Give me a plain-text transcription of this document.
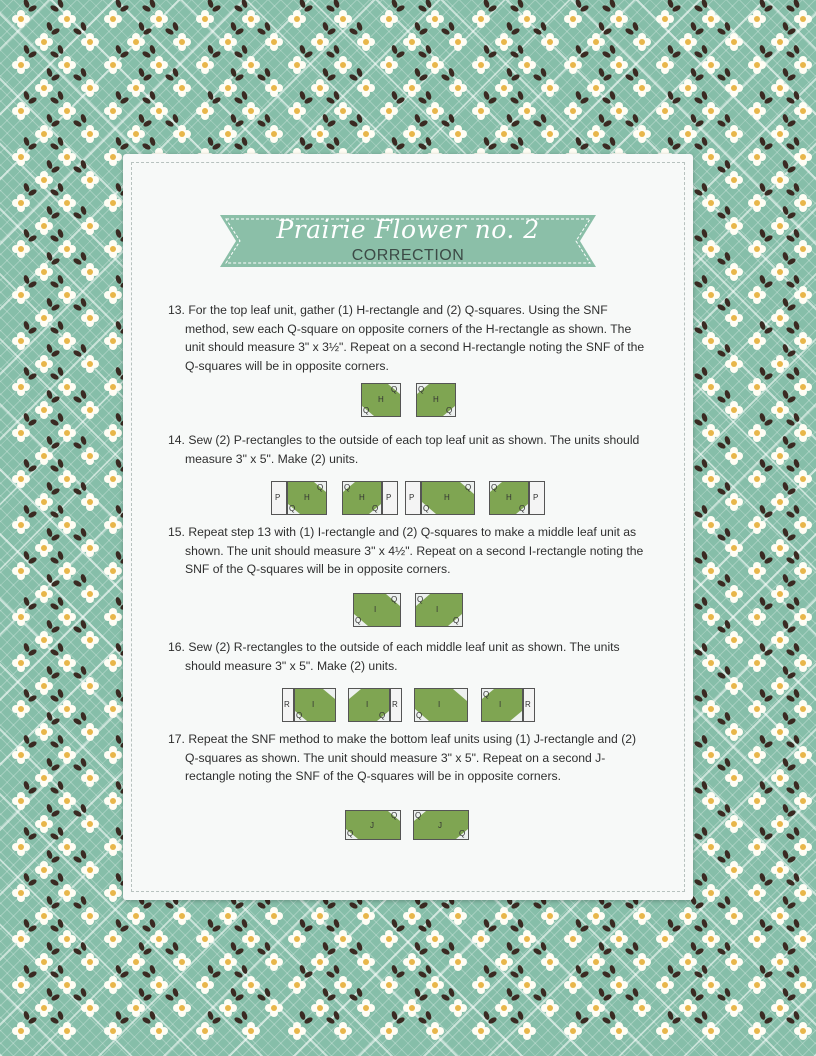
Prairie Flower no. 2
CORRECTION
13. For the top leaf unit, gather (1) H-rectangle and (2) Q-squares. Using the SNF method, sew each Q-square on opposite corners of the H-rectangle as shown. The unit should measure 3" x 3½". Repeat on a second H-rectangle noting the SNF of the Q-squares will be in opposite corners.
H
Q
Q
H
Q
Q
14. Sew (2) P-rectangles to the outside of each top leaf unit as shown. The units should measure 3" x 5". Make (2) units.
P	H
Q
Q
H
Q
Q
P P	H
Q
Q
H
Q
Q
P
15. Repeat step 13 with (1) I-rectangle and (2) Q-squares to make a middle leaf unit as shown. The unit should measure 3" x 4½". Repeat on a second I-rectangle noting the SNF of the Q-squares will be in opposite corners.
I
Q
Q
I
Q
Q
16. Sew (2) R-rectangles to the outside of each middle leaf unit as shown. The units should measure 3" x 5". Make (2) units.
R	I
Q
I
Q
R	I
Q
I
Q
R
17. Repeat the SNF method to make the bottom leaf units using (1) J-rectangle and (2) Q-squares as shown. The unit should measure 3" x 5". Repeat on a second J-rectangle noting the SNF of the Q-squares will be in opposite corners.
J
Q
Q
J
Q
Q
